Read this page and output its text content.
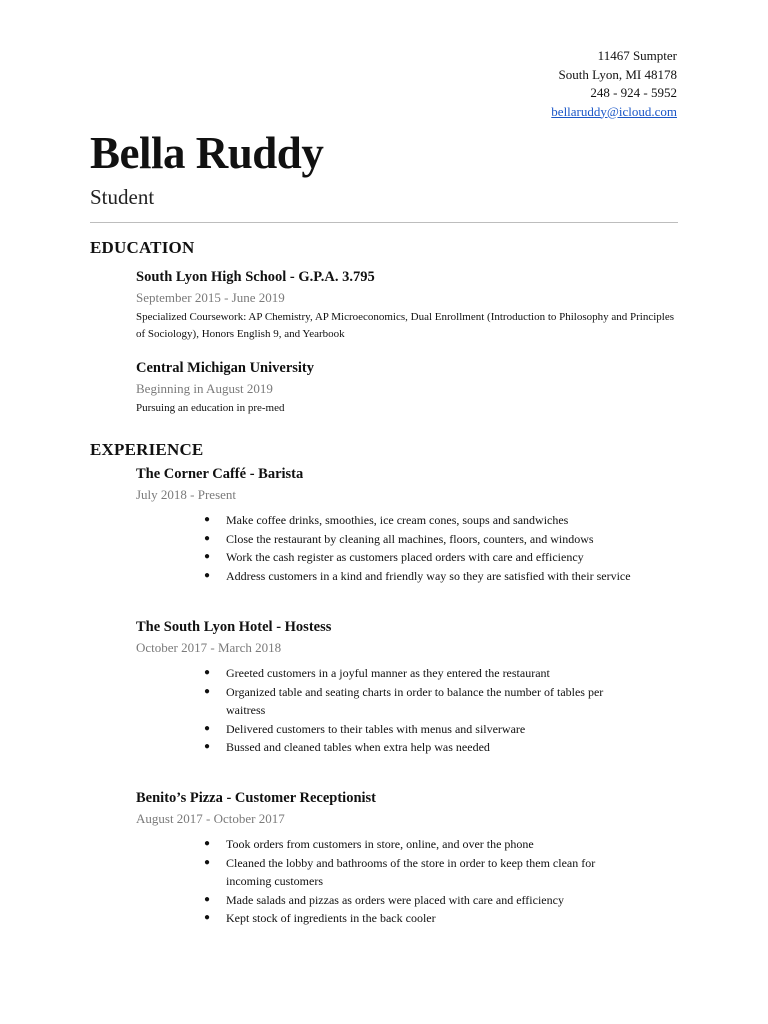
11467 Sumpter
South Lyon, MI 48178
248 - 924 - 5952
bellaruddy@icloud.com
Bella Ruddy
Student
EDUCATION
South Lyon High School - G.P.A. 3.795
September 2015 - June 2019
Specialized Coursework: AP Chemistry, AP Microeconomics, Dual Enrollment (Introduction to Philosophy and Principles of Sociology), Honors English 9, and Yearbook
Central Michigan University
Beginning in August 2019
Pursuing an education in pre-med
EXPERIENCE
The Corner Caffé - Barista
July 2018 - Present
● Make coffee drinks, smoothies, ice cream cones, soups and sandwiches
● Close the restaurant by cleaning all machines, floors, counters, and windows
● Work the cash register as customers placed orders with care and efficiency
● Address customers in a kind and friendly way so they are satisfied with their service
The South Lyon Hotel - Hostess
October 2017 - March 2018
● Greeted customers in a joyful manner as they entered the restaurant
● Organized table and seating charts in order to balance the number of tables per waitress
● Delivered customers to their tables with menus and silverware
● Bussed and cleaned tables when extra help was needed
Benito’s Pizza - Customer Receptionist
August 2017 - October 2017
● Took orders from customers in store, online, and over the phone
● Cleaned the lobby and bathrooms of the store in order to keep them clean for incoming customers
● Made salads and pizzas as orders were placed with care and efficiency
● Kept stock of ingredients in the back cooler
